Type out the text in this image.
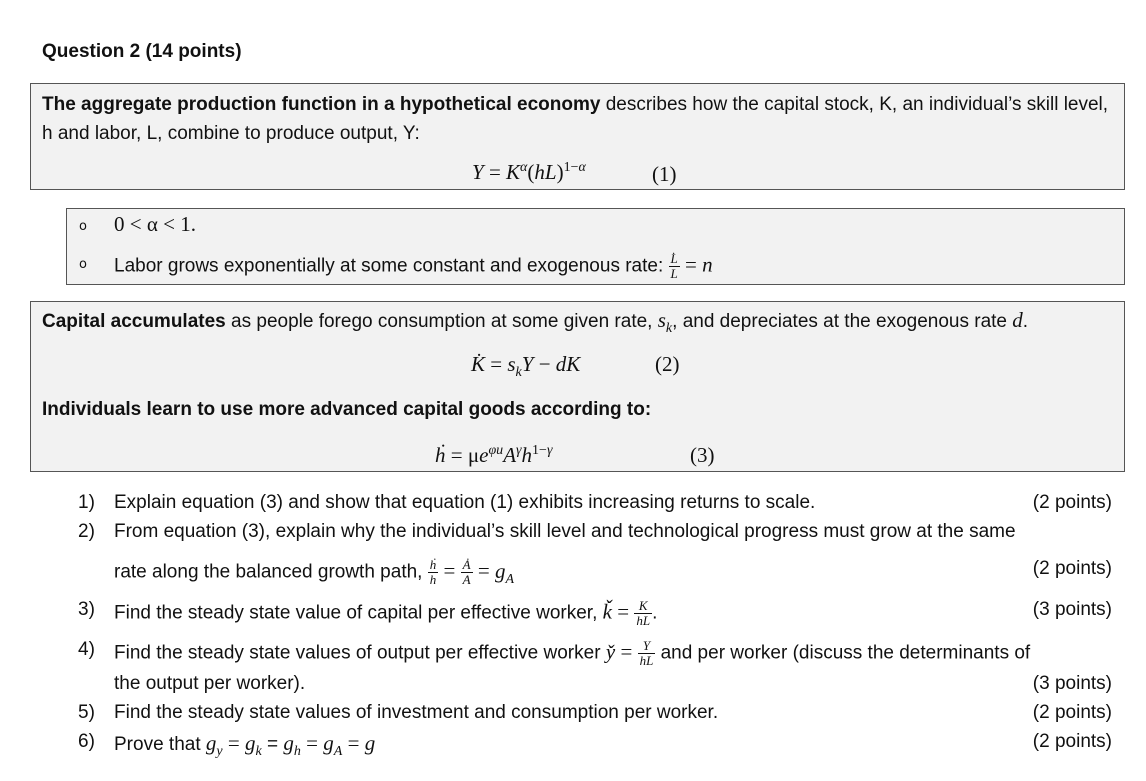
Question 2 (14 points)
The aggregate production function in a hypothetical economy describes how the capital stock, K, an individual’s skill level, h and labor, L, combine to produce output, Y:
$Y = K^\alpha(hL)^{1-\alpha}$	(1)
o 0 < α < 1.
o Labor grows exponentially at some constant and exogenous rate: $\frac{L̇}{L} = n$
Capital accumulates as people forego consumption at some given rate, $s_k$, and depreciates at the exogenous rate d.
K̇ = $s_kY$ − dK	(2)
Individuals learn to use more advanced capital goods according to:
ḣ = $\mu e^{\varphi u}A^\gamma h^{1-\gamma}$	(3)
1) Explain equation (3) and show that equation (1) exhibits increasing returns to scale.	(2 points)
2) From equation (3), explain why the individual’s skill level and technological progress must grow at the same
rate along the balanced growth path, $\frac{\text{ḣ}}{h} = \frac{Ȧ}{A} = g_A$
(2 points)
3) Find the steady state value of capital per effective worker, ǩ = $\frac{K}{hL}$ .	(3 points)
4) Find the steady state values of output per effective worker y̌ = $\frac{Y}{hL}$ and per worker (discuss the determinants of
the output per worker).	(3 points)
5) Find the steady state values of investment and consumption per worker.	(2 points)
6) Prove that $g_y = g_k = g_h = g_A = g$	(2 points)
